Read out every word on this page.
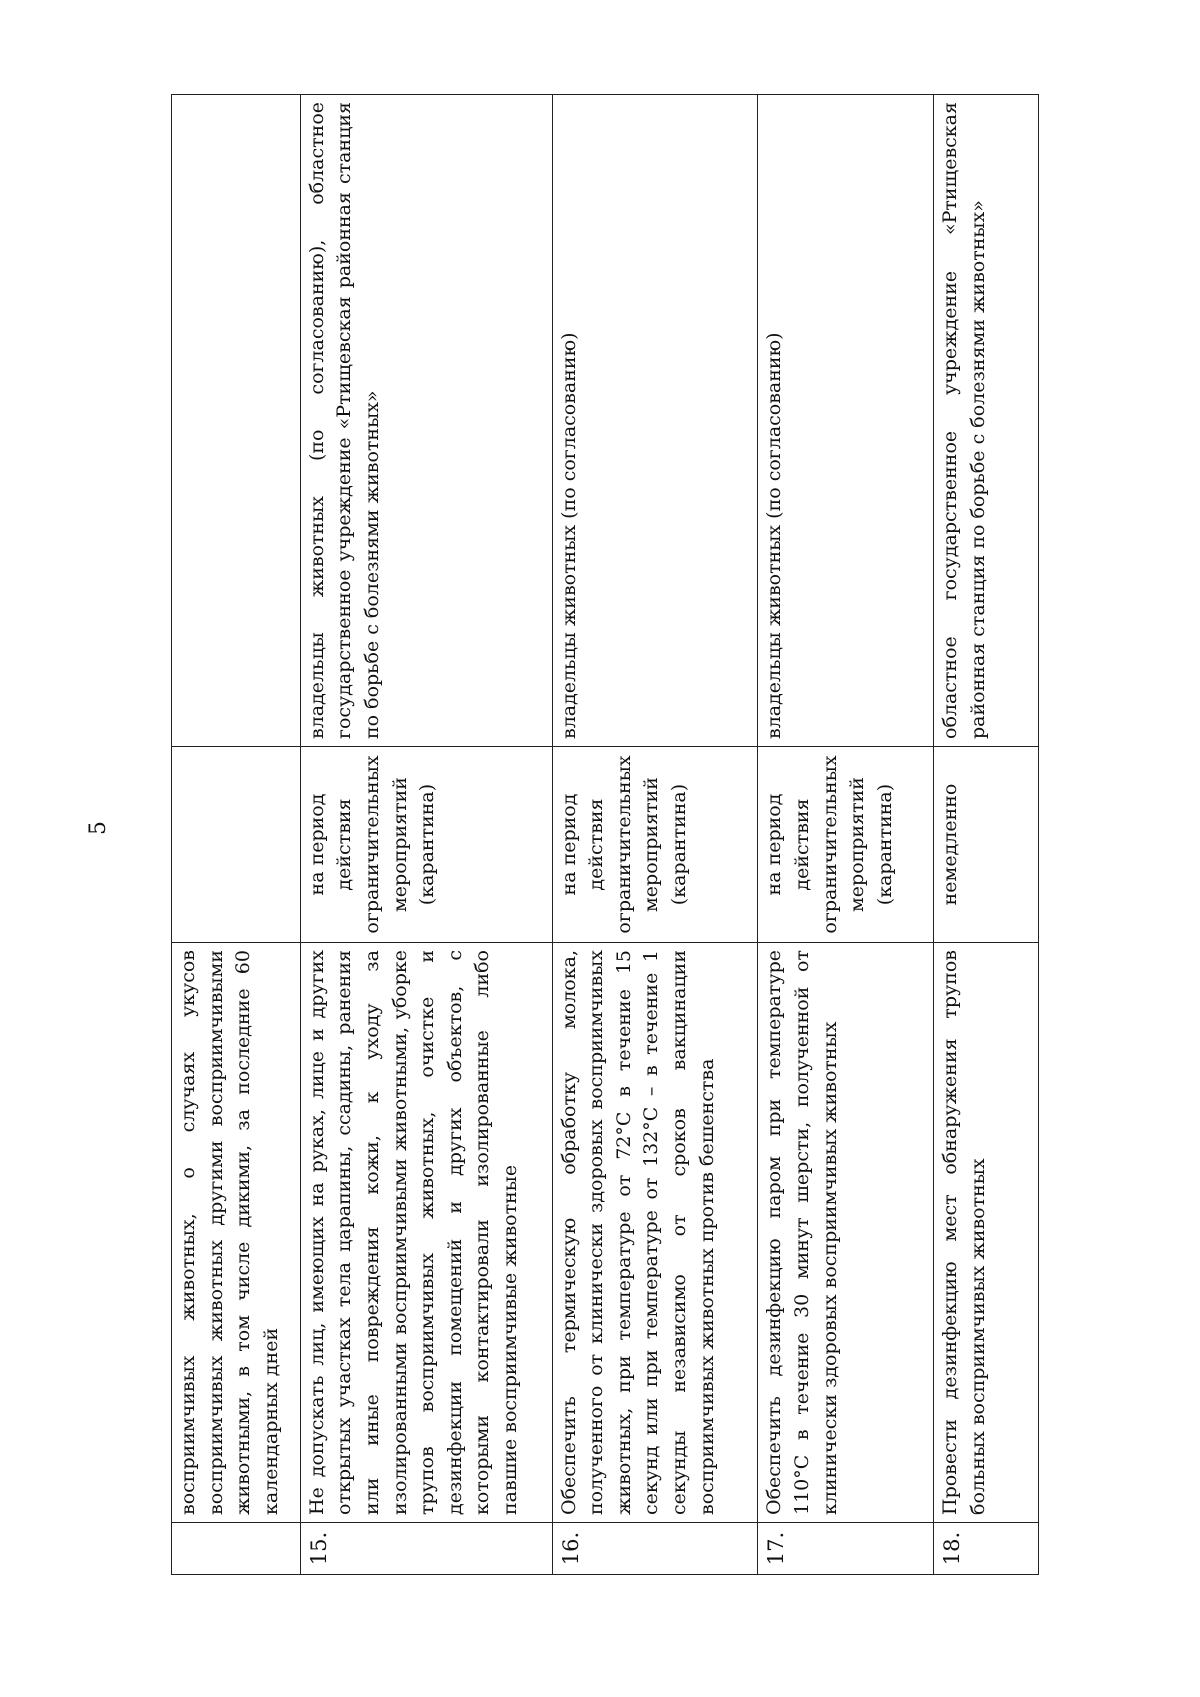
5
	восприимчивых животных, о случаях укусов восприимчивых животных другими восприимчивыми животными, в том числе дикими, за последние 60 календарных дней		
15.	Не допускать лиц, имеющих на руках, лице и других открытых участках тела царапины, ссадины, ранения или иные повреждения кожи, к уходу за изолированными восприимчивыми животными, уборке трупов восприимчивых животных, очистке и дезинфекции помещений и других объектов, с которыми контактировали изолированные либо павшие восприимчивые животные	на период действия ограничительных мероприятий (карантина)	владельцы животных (по согласованию), областное государственное учреждение «Ртищевская районная станция по борьбе с болезнями животных»
16.	Обеспечить термическую обработку молока, полученного от клинически здоровых восприимчивых животных, при температуре от 72°С в течение 15 секунд или при температуре от 132°С – в течение 1 секунды независимо от сроков вакцинации восприимчивых животных против бешенства	на период действия ограничительных мероприятий (карантина)	владельцы животных (по согласованию)
17.	Обеспечить дезинфекцию паром при температуре 110°С в течение 30 минут шерсти, полученной от клинически здоровых восприимчивых животных	на период действия ограничительных мероприятий (карантина)	владельцы животных (по согласованию)
18.	Провести дезинфекцию мест обнаружения трупов больных восприимчивых животных	немедленно	областное государственное учреждение «Ртищевская районная станция по борьбе с болезнями животных»
